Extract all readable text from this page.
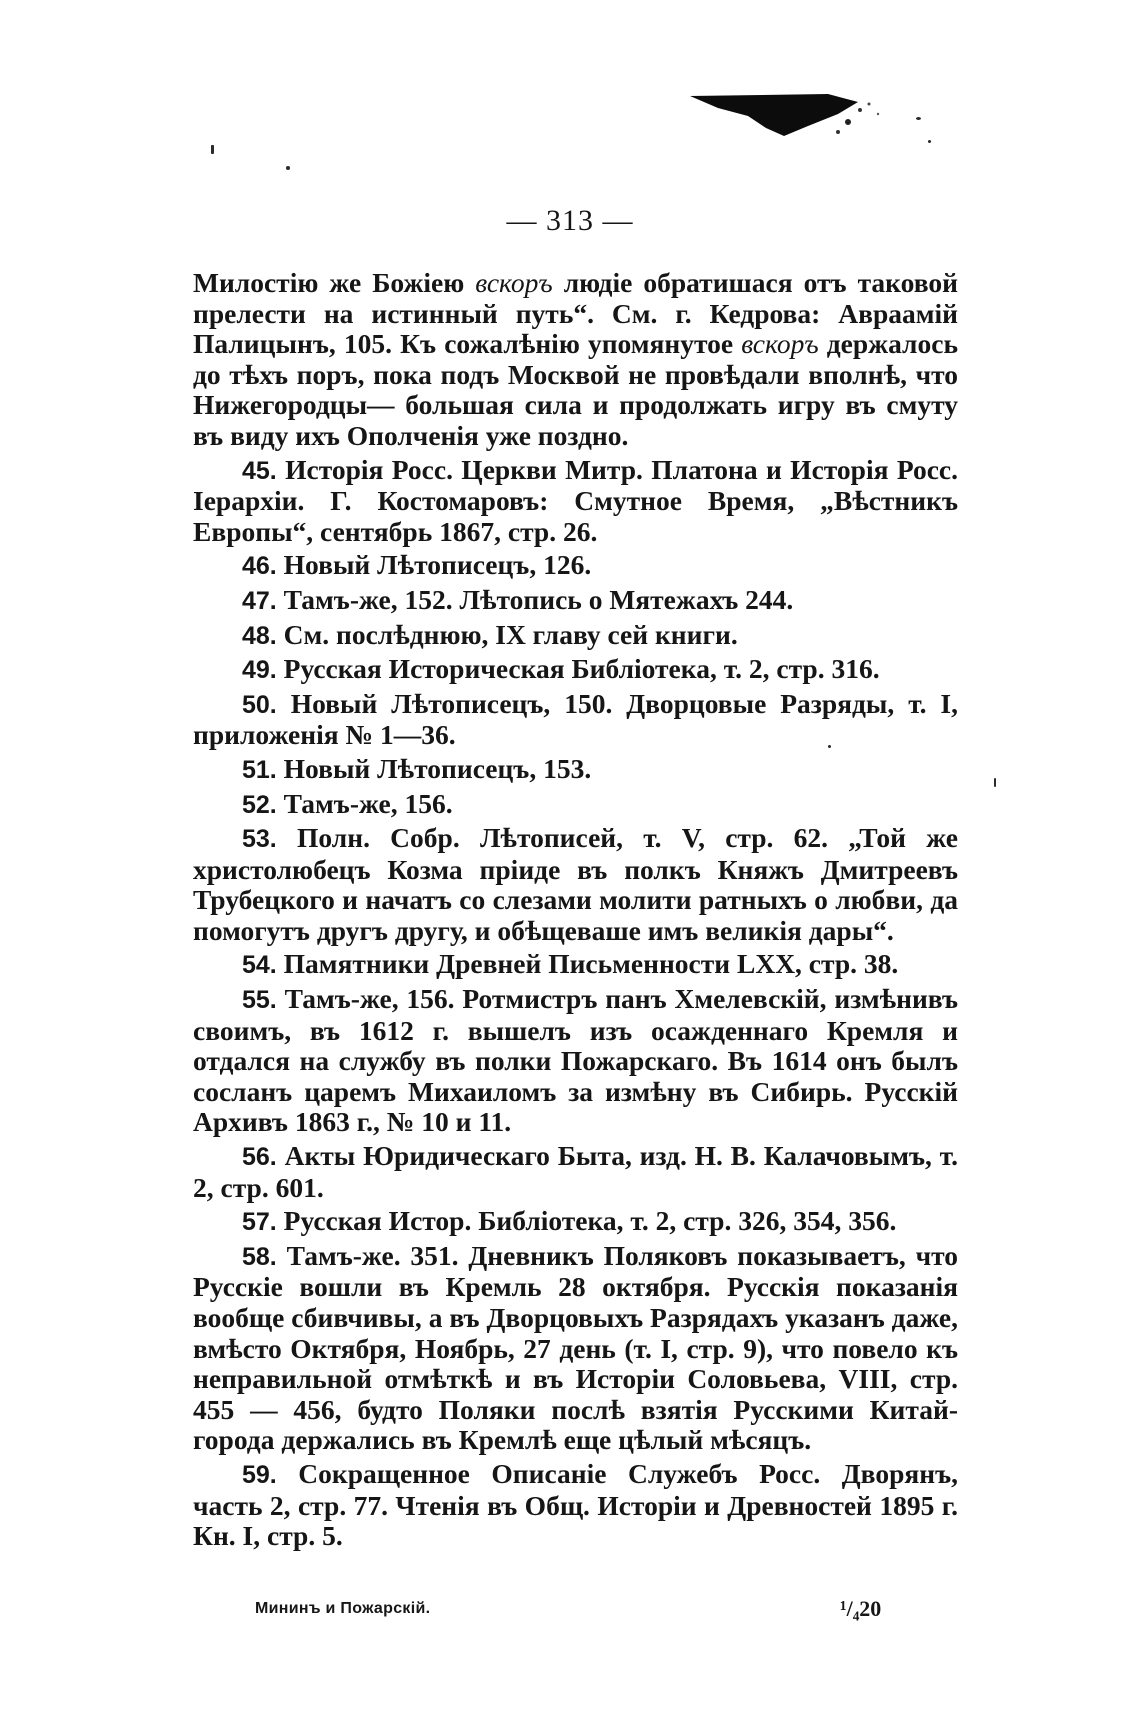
— 313 —

Милостію же Божіею вскоръ людіе обратишася отъ таковой прелести на истинный путь“. См. г. Кедрова: Авраамій Палицынъ, 105. Къ сожалѣнію упомянутое вскоръ держалось до тѣхъ поръ, пока подъ Москвой не провѣдали вполнѣ, что Нижегородцы— большая сила и продолжать игру въ смуту въ виду ихъ Ополченія уже поздно.

45. Исторія Росс. Церкви Митр. Платона и Исторія Росс. Іерархіи. Г. Костомаровъ: Смутное Время, „Вѣстникъ Европы“, сентябрь 1867, стр. 26.

46. Новый Лѣтописецъ, 126.

47. Тамъ-же, 152. Лѣтопись о Мятежахъ 244.

48. См. послѣднюю, IX главу сей книги.

49. Русская Историческая Библіотека, т. 2, стр. 316.

50. Новый Лѣтописецъ, 150. Дворцовые Разряды, т. I, приложенія № 1—36.

51. Новый Лѣтописецъ, 153.

52. Тамъ-же, 156.

53. Полн. Собр. Лѣтописей, т. V, стр. 62. „Той же христолюбецъ Козма пріиде въ полкъ Княжъ Дмитреевъ Трубецкого и начатъ со слезами молити ратныхъ о любви, да помогутъ другъ другу, и обѣщеваше имъ великія дары“.

54. Памятники Древней Письменности LXX, стр. 38.

55. Тамъ-же, 156. Ротмистръ панъ Хмелевскій, измѣнивъ своимъ, въ 1612 г. вышелъ изъ осажденнаго Кремля и отдался на службу въ полки Пожарскаго. Въ 1614 онъ былъ сосланъ царемъ Михаиломъ за измѣну въ Сибирь. Русскій Архивъ 1863 г., № 10 и 11.

56. Акты Юридическаго Быта, изд. Н. В. Калачовымъ, т. 2, стр. 601.

57. Русская Истор. Библіотека, т. 2, стр. 326, 354, 356.

58. Тамъ-же. 351. Дневникъ Поляковъ показываетъ, что Русскіе вошли въ Кремль 28 октября. Русскія показанія вообще сбивчивы, а въ Дворцовыхъ Разрядахъ указанъ даже, вмѣсто Октября, Ноябрь, 27 день (т. I, стр. 9), что повело къ неправильной отмѣткѣ и въ Исторіи Соловьева, VIII, стр. 455 — 456, будто Поляки послѣ взятія Русскими Китай-города держались въ Кремлѣ еще цѣлый мѣсяцъ.

59. Сокращенное Описаніе Служебъ Росс. Дворянъ, часть 2, стр. 77. Чтенія въ Общ. Исторіи и Древностей 1895 г. Кн. I, стр. 5.

Мининъ и Пожарскій.	¹/₄20
